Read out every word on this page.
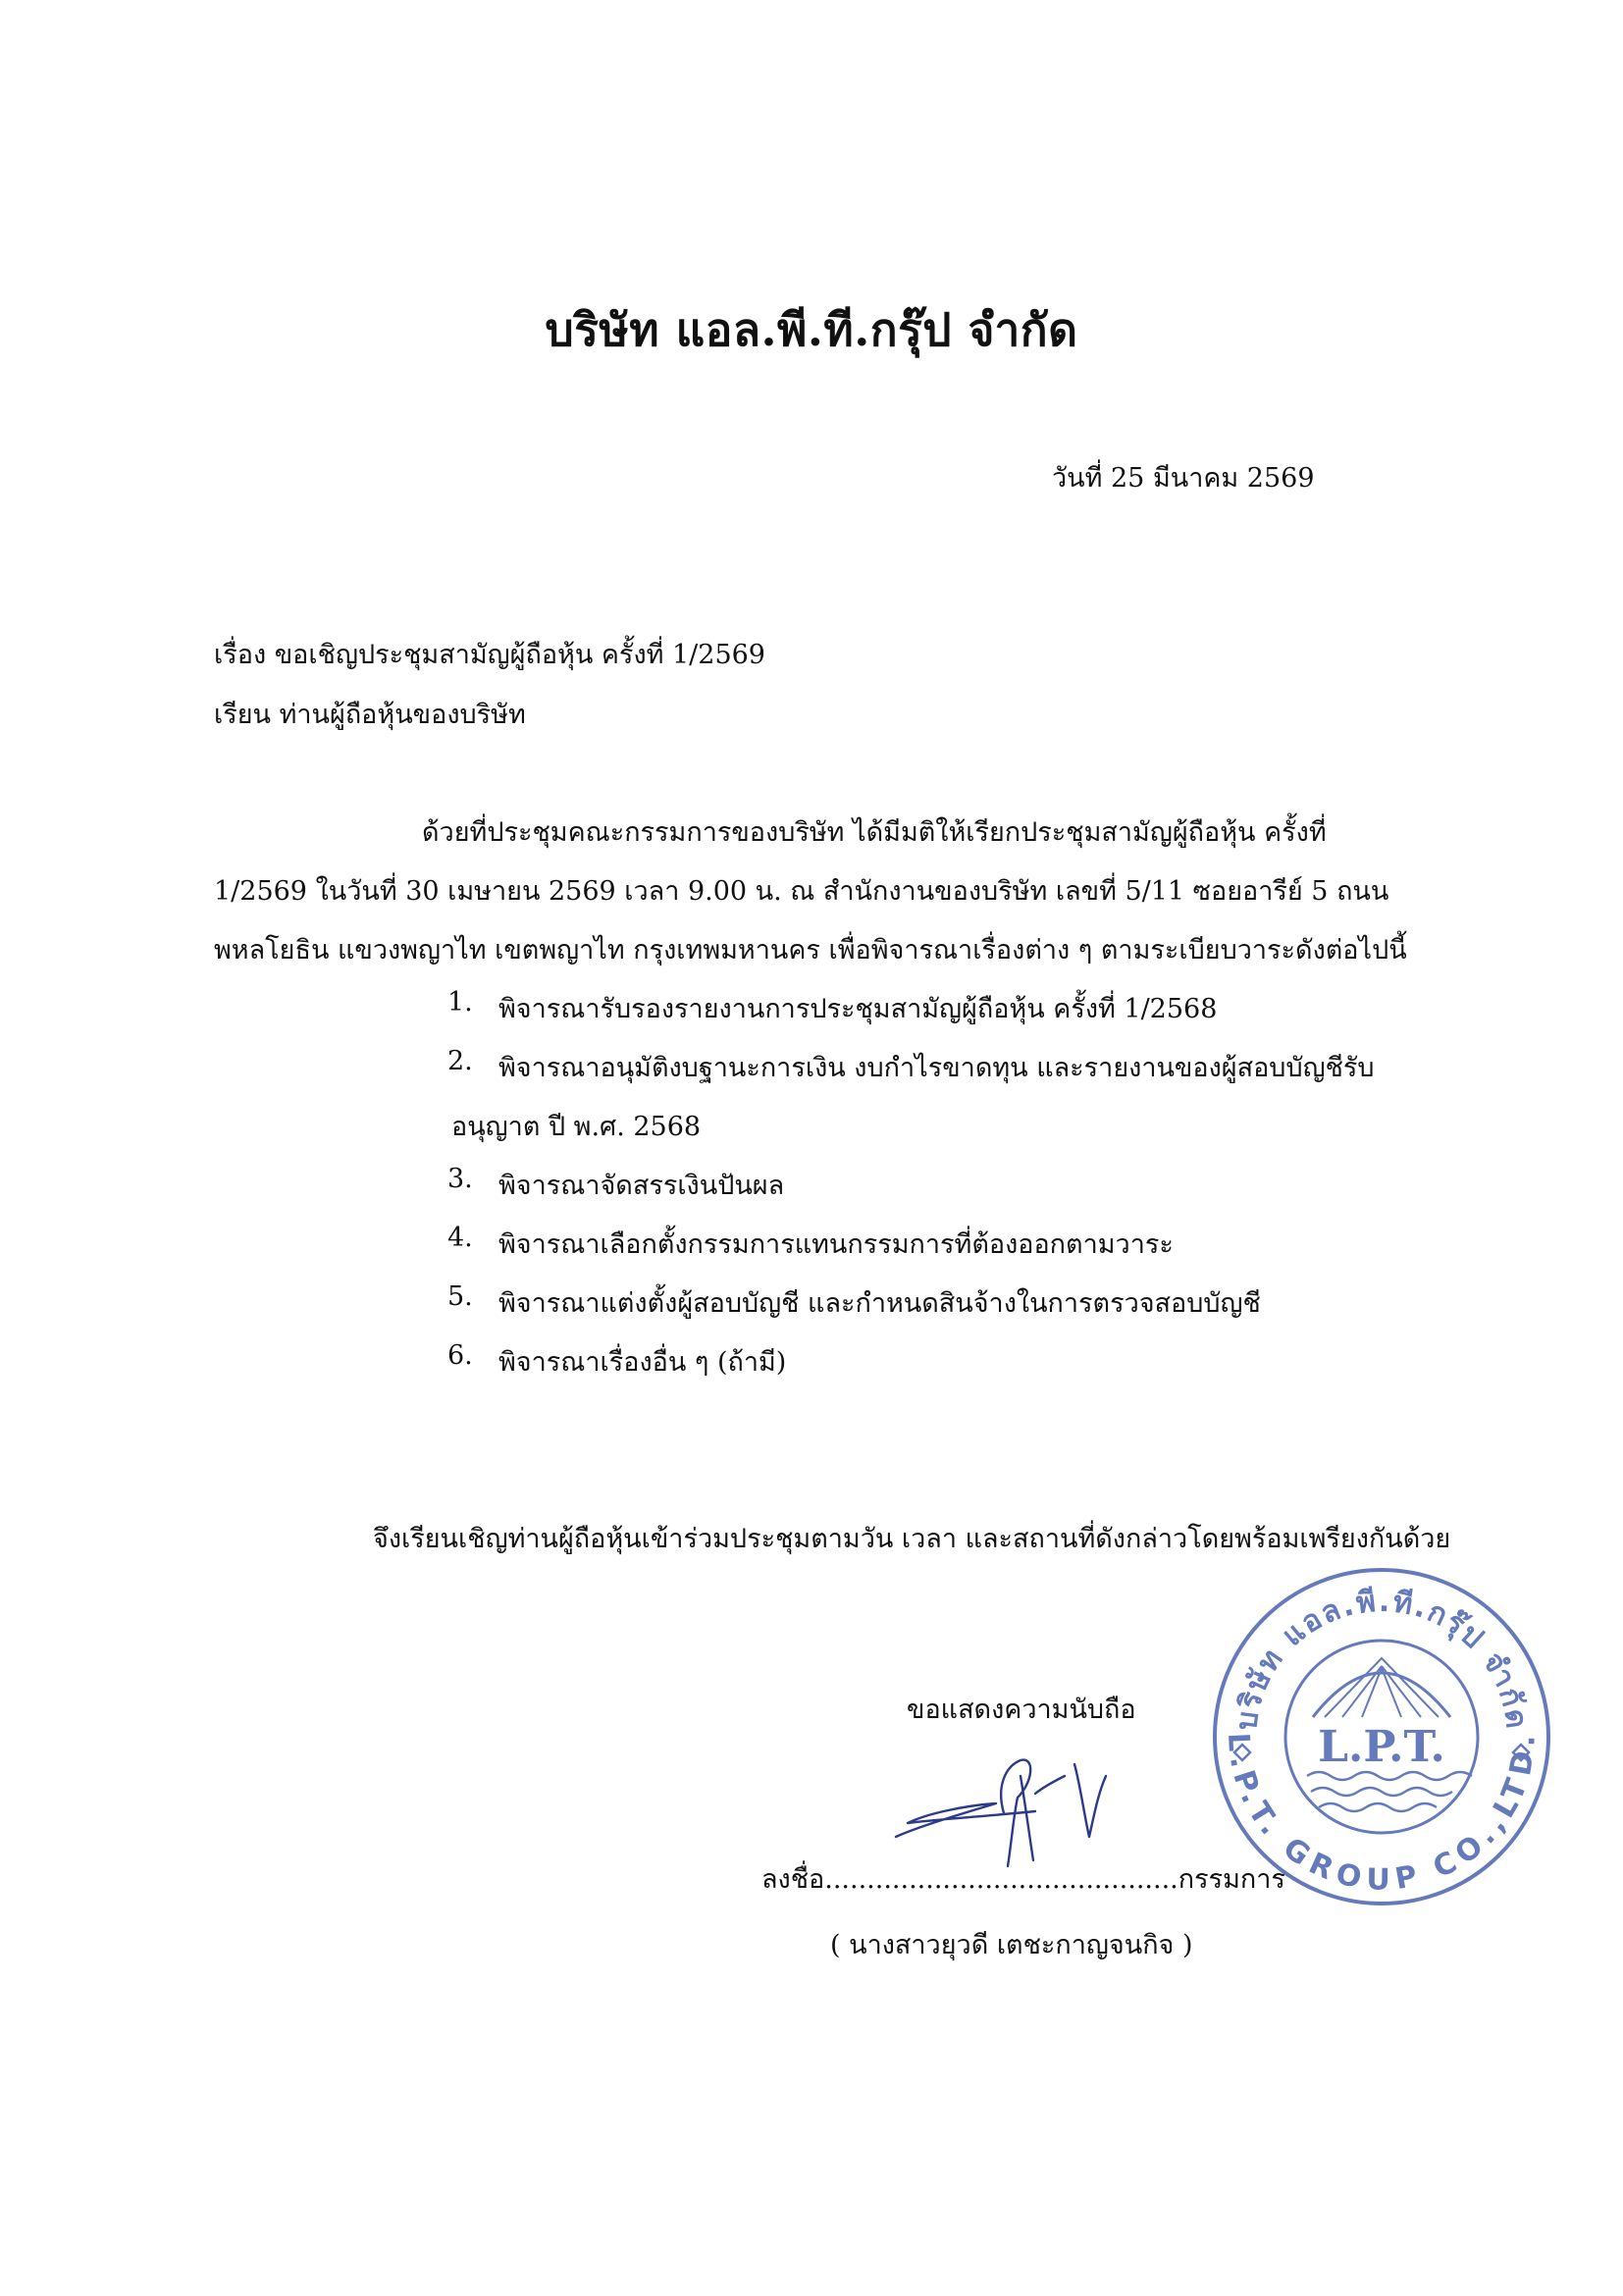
บริษัท แอล.พี.ที.กรุ๊ป จำกัด
วันที่ 25 มีนาคม 2569
เรื่อง ขอเชิญประชุมสามัญผู้ถือหุ้น ครั้งที่ 1/2569
เรียน ท่านผู้ถือหุ้นของบริษัท
ด้วยที่ประชุมคณะกรรมการของบริษัท ได้มีมติให้เรียกประชุมสามัญผู้ถือหุ้น ครั้งที่
1/2569 ในวันที่ 30 เมษายน 2569 เวลา 9.00 น. ณ สำนักงานของบริษัท เลขที่ 5/11 ซอยอารีย์ 5 ถนน
พหลโยธิน แขวงพญาไท เขตพญาไท กรุงเทพมหานคร เพื่อพิจารณาเรื่องต่าง ๆ ตามระเบียบวาระดังต่อไปนี้
1. พิจารณารับรองรายงานการประชุมสามัญผู้ถือหุ้น ครั้งที่ 1/2568
2. พิจารณาอนุมัติงบฐานะการเงิน งบกำไรขาดทุน และรายงานของผู้สอบบัญชีรับ
อนุญาต ปี พ.ศ. 2568
3. พิจารณาจัดสรรเงินปันผล
4. พิจารณาเลือกตั้งกรรมการแทนกรรมการที่ต้องออกตามวาระ
5. พิจารณาแต่งตั้งผู้สอบบัญชี และกำหนดสินจ้างในการตรวจสอบบัญชี
6. พิจารณาเรื่องอื่น ๆ (ถ้ามี)
จึงเรียนเชิญท่านผู้ถือหุ้นเข้าร่วมประชุมตามวัน เวลา และสถานที่ดังกล่าวโดยพร้อมเพรียงกันด้วย
ขอแสดงความนับถือ
ลงชื่อ..........................................กรรมการ
( นางสาวยุวดี เตชะกาญจนกิจ )
บริษัท แอล.พี.ที.กรุ๊ป จำกัด
L.P.T. GROUP CO.,LTD.
L.P.T.
